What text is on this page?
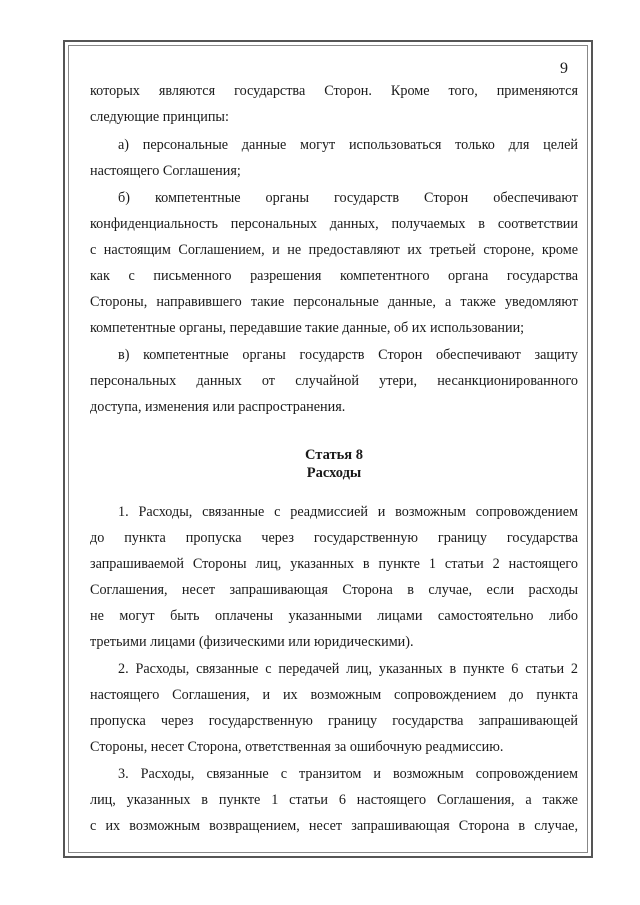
9
которых являются государства Сторон. Кроме того, применяются
следующие принципы:
а) персональные данные могут использоваться только для целей
настоящего Соглашения;
б) компетентные органы государств Сторон обеспечивают
конфиденциальность персональных данных, получаемых в соответствии
с настоящим Соглашением, и не предоставляют их третьей стороне, кроме
как с письменного разрешения компетентного органа государства
Стороны, направившего такие персональные данные, а также уведомляют
компетентные органы, передавшие такие данные, об их использовании;
в) компетентные органы государств Сторон обеспечивают защиту
персональных данных от случайной утери, несанкционированного
доступа, изменения или распространения.
Статья 8
Расходы
1. Расходы, связанные с реадмиссией и возможным сопровождением
до пункта пропуска через государственную границу государства
запрашиваемой Стороны лиц, указанных в пункте 1 статьи 2 настоящего
Соглашения, несет запрашивающая Сторона в случае, если расходы
не могут быть оплачены указанными лицами самостоятельно либо
третьими лицами (физическими или юридическими).
2. Расходы, связанные с передачей лиц, указанных в пункте 6 статьи 2
настоящего Соглашения, и их возможным сопровождением до пункта
пропуска через государственную границу государства запрашивающей
Стороны, несет Сторона, ответственная за ошибочную реадмиссию.
3. Расходы, связанные с транзитом и возможным сопровождением
лиц, указанных в пункте 1 статьи 6 настоящего Соглашения, а также
с их возможным возвращением, несет запрашивающая Сторона в случае,
